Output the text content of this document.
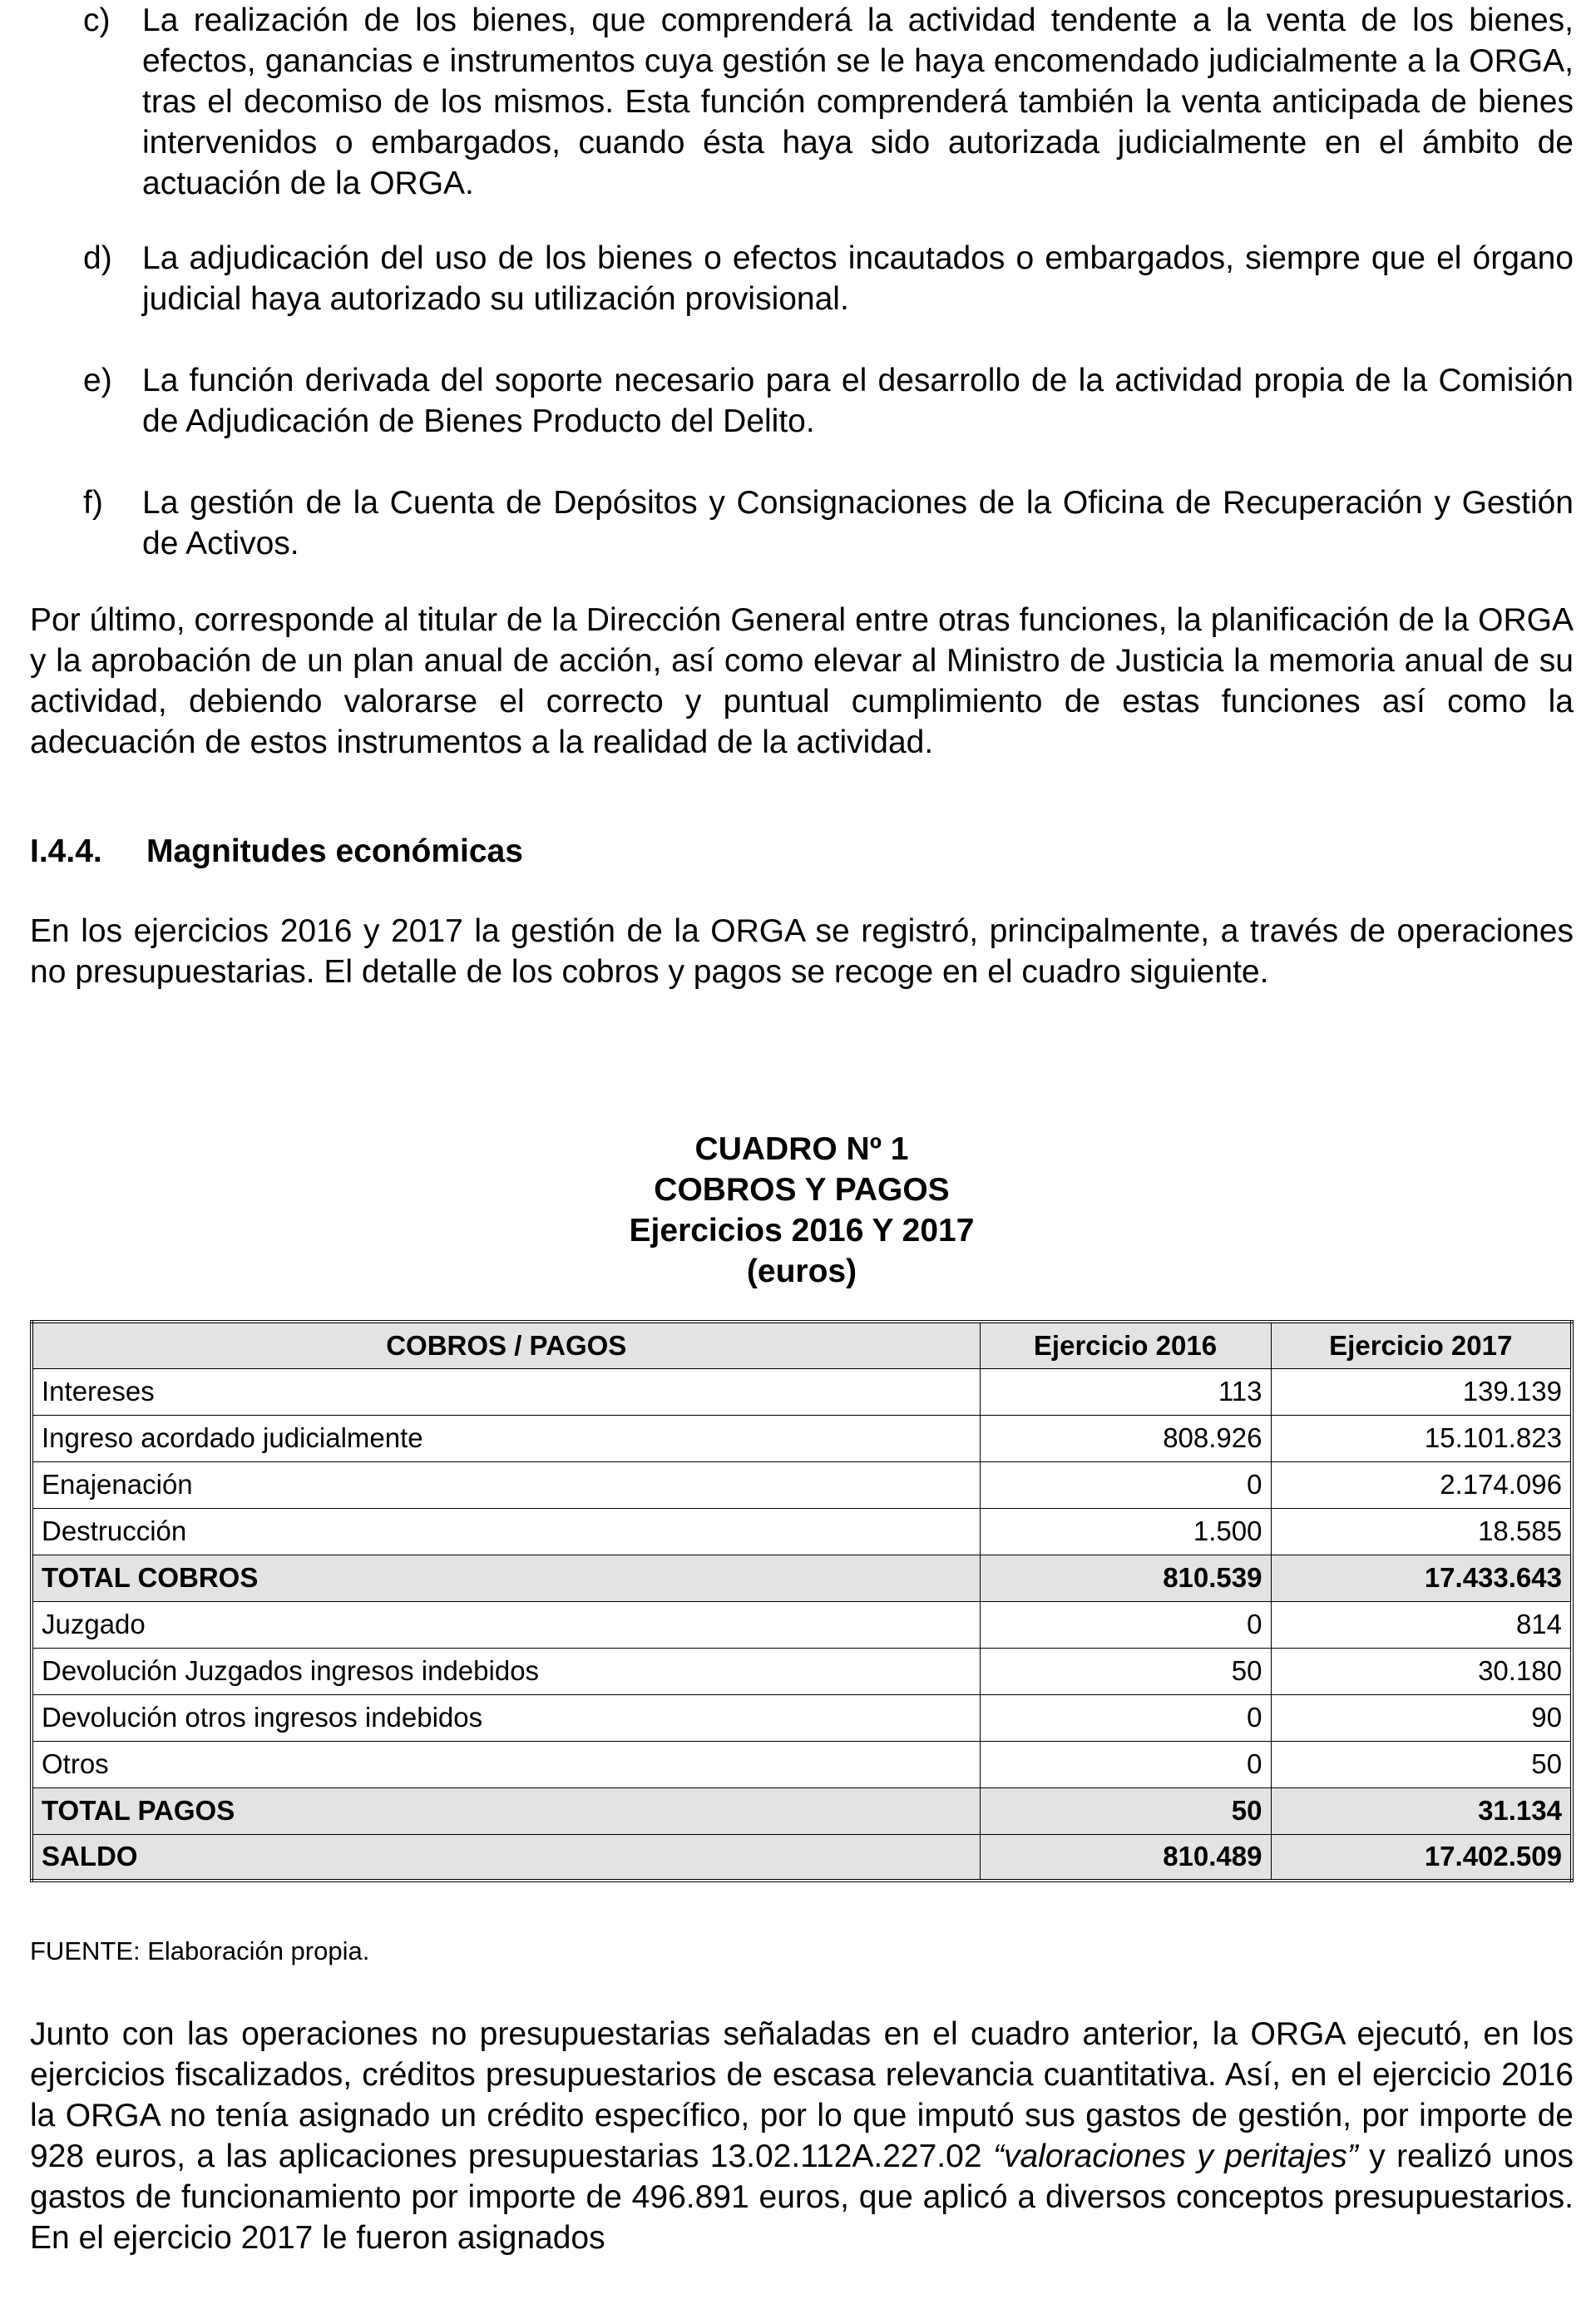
c) La realización de los bienes, que comprenderá la actividad tendente a la venta de los bienes, efectos, ganancias e instrumentos cuya gestión se le haya encomendado judicialmente a la ORGA, tras el decomiso de los mismos. Esta función comprenderá también la venta anticipada de bienes intervenidos o embargados, cuando ésta haya sido autorizada judicialmente en el ámbito de actuación de la ORGA.
d) La adjudicación del uso de los bienes o efectos incautados o embargados, siempre que el órgano judicial haya autorizado su utilización provisional.
e) La función derivada del soporte necesario para el desarrollo de la actividad propia de la Comisión de Adjudicación de Bienes Producto del Delito.
f)	La gestión de la Cuenta de Depósitos y Consignaciones de la Oficina de Recuperación y Gestión de Activos.

Por último, corresponde al titular de la Dirección General entre otras funciones, la planificación de la ORGA y la aprobación de un plan anual de acción, así como elevar al Ministro de Justicia la memoria anual de su actividad, debiendo valorarse el correcto y puntual cumplimiento de estas funciones así como la adecuación de estos instrumentos a la realidad de la actividad.

I.4.4. Magnitudes económicas

En los ejercicios 2016 y 2017 la gestión de la ORGA se registró, principalmente, a través de operaciones no presupuestarias. El detalle de los cobros y pagos se recoge en el cuadro siguiente.

CUADRO Nº 1
COBROS Y PAGOS
Ejercicios 2016 Y 2017
(euros)
COBROS / PAGOS	Ejercicio 2016	Ejercicio 2017
Intereses	113	139.139
Ingreso acordado judicialmente	808.926	15.101.823
Enajenación	0	2.174.096
Destrucción	1.500	18.585
TOTAL COBROS	810.539	17.433.643
Juzgado	0	814
Devolución Juzgados ingresos indebidos	50	30.180
Devolución otros ingresos indebidos	0	90
Otros	0	50
TOTAL PAGOS	50	31.134
SALDO	810.489	17.402.509
FUENTE: Elaboración propia.

Junto con las operaciones no presupuestarias señaladas en el cuadro anterior, la ORGA ejecutó, en los ejercicios fiscalizados, créditos presupuestarios de escasa relevancia cuantitativa. Así, en el ejercicio 2016 la ORGA no tenía asignado un crédito específico, por lo que imputó sus gastos de gestión, por importe de 928 euros, a las aplicaciones presupuestarias 13.02.112A.227.02 “valoraciones y peritajes” y realizó unos gastos de funcionamiento por importe de 496.891 euros, que aplicó a diversos conceptos presupuestarios. En el ejercicio 2017 le fueron asignados
